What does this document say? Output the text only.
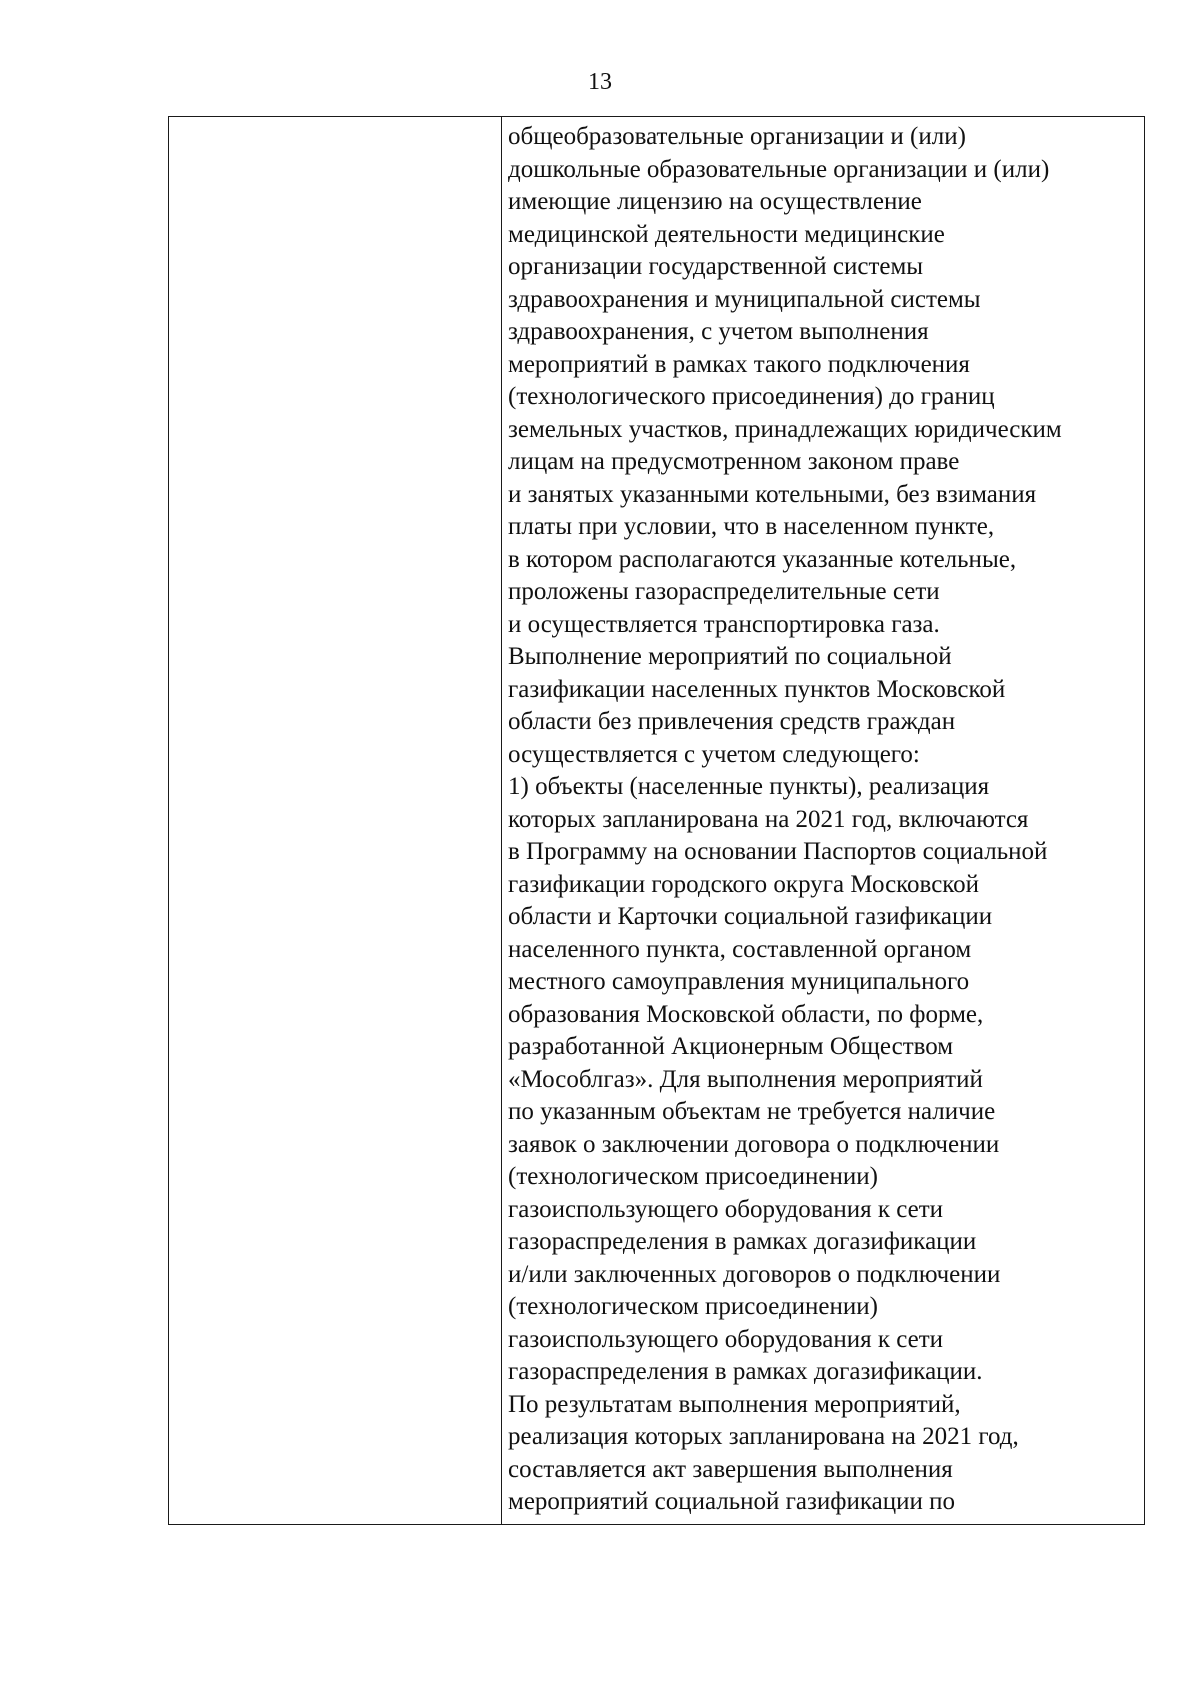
13
общеобразовательные организации и (или)
дошкольные образовательные организации и (или)
имеющие лицензию на осуществление
медицинской деятельности медицинские
организации государственной системы
здравоохранения и муниципальной системы
здравоохранения, с учетом выполнения
мероприятий в рамках такого подключения
(технологического присоединения) до границ
земельных участков, принадлежащих юридическим
лицам на предусмотренном законом праве
и занятых указанными котельными, без взимания
платы при условии, что в населенном пункте,
в котором располагаются указанные котельные,
проложены газораспределительные сети
и осуществляется транспортировка газа.
Выполнение мероприятий по социальной
газификации населенных пунктов Московской
области без привлечения средств граждан
осуществляется с учетом следующего:
1) объекты (населенные пункты), реализация
которых запланирована на 2021 год, включаются
в Программу на основании Паспортов социальной
газификации городского округа Московской
области и Карточки социальной газификации
населенного пункта, составленной органом
местного самоуправления муниципального
образования Московской области, по форме,
разработанной Акционерным Обществом
«Мособлгаз». Для выполнения мероприятий
по указанным объектам не требуется наличие
заявок о заключении договора о подключении
(технологическом присоединении)
газоиспользующего оборудования к сети
газораспределения в рамках догазификации
и/или заключенных договоров о подключении
(технологическом присоединении)
газоиспользующего оборудования к сети
газораспределения в рамках догазификации.
По результатам выполнения мероприятий,
реализация которых запланирована на 2021 год,
составляется акт завершения выполнения
мероприятий социальной газификации по
